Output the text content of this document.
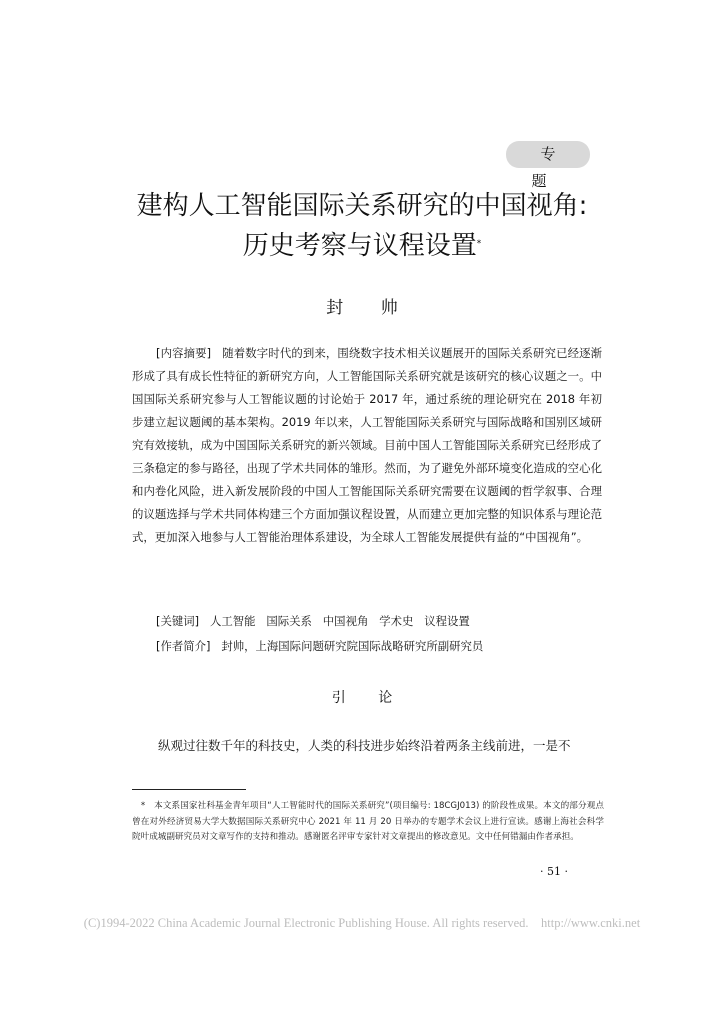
专 题
建构人工智能国际关系研究的中国视角:
历史考察与议程设置*
封 帅

[内容摘要] 随着数字时代的到来，围绕数字技术相关议题展开的国际关系研究已经逐渐形成了具有成长性特征的新研究方向，人工智能国际关系研究就是该研究的核心议题之一。中国国际关系研究参与人工智能议题的讨论始于 2017 年，通过系统的理论研究在 2018 年初步建立起议题阈的基本架构。2019 年以来，人工智能国际关系研究与国际战略和国别区域研究有效接轨，成为中国国际关系研究的新兴领域。目前中国人工智能国际关系研究已经形成了三条稳定的参与路径，出现了学术共同体的雏形。然而，为了避免外部环境变化造成的空心化和内卷化风险，进入新发展阶段的中国人工智能国际关系研究需要在议题阈的哲学叙事、合理的议题选择与学术共同体构建三个方面加强议程设置，从而建立更加完整的知识体系与理论范式，更加深入地参与人工智能治理体系建设，为全球人工智能发展提供有益的“中国视角”。

[关键词] 人工智能   国际关系   中国视角   学术史   议程设置
[作者简介] 封帅，上海国际问题研究院国际战略研究所副研究员
引 论

纵观过往数千年的科技史，人类的科技进步始终沿着两条主线前进，一是不

* 本文系国家社科基金青年项目“人工智能时代的国际关系研究”(项目编号: 18CGJ013) 的阶段性成果。本文的部分观点曾在对外经济贸易大学大数据国际关系研究中心 2021 年 11 月 20 日举办的专题学术会议上进行宣读。感谢上海社会科学院叶成城副研究员对文章写作的支持和推动。感谢匿名评审专家针对文章提出的修改意见。文中任何错漏由作者承担。

· 51 ·
(C)1994-2022 China Academic Journal Electronic Publishing House. All rights reserved.    http://www.cnki.net
